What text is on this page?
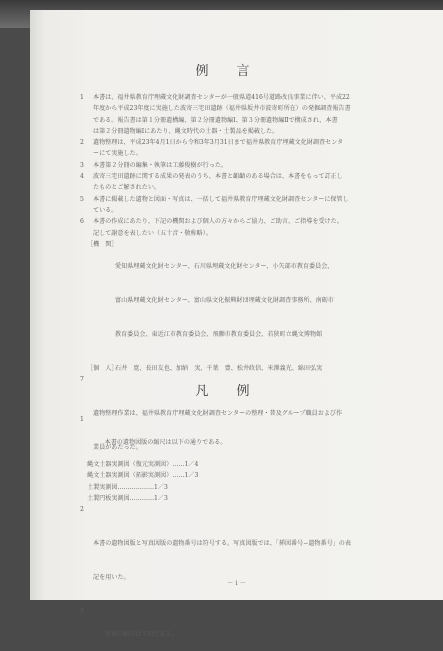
例言
1 本書は、福井県教育庁埋蔵文化財調査センターが一般県道416号道路改良事業に伴い、平成22
年度から平成23年度に実施した波寄三宅田遺跡（福井県坂井市波寄町所在）の発掘調査報告書
である。報告書は第１分冊遺構編、第２分冊遺物編Ⅰ、第３分冊遺物編Ⅱで構成され、本書
は第２分冊遺物編Ⅰにあたり、縄文時代の土器・土製品を掲載した。
2 遺物整理は、平成23年4月1日から令和3年3月31日まで福井県教育庁埋蔵文化財調査センタ
ーにて実施した。
3 本書第２分冊の編集・執筆は工藤俊樹が行った。
4 波寄三宅田遺跡に関する成果の発表のうち、本書と齟齬のある場合は、本書をもって訂正し
たものとご解されたい。
5 本書に掲載した遺物と図面・写真は、一括して福井県教育庁埋蔵文化財調査センターに保管し
ている。
6 本書の作成にあたり、下記の機関および個人の方々からご協力、ご助言、ご指導を受けた。
記して謝意を表したい（五十音・敬称略）。
［機　関］

愛知県埋蔵文化財センター、石川県埋蔵文化財センター、小矢部市教育委員会、

富山県埋蔵文化財センター、富山県文化振興財団埋蔵文化財調査事務所、南砺市

教育委員会、東近江市教育委員会、飛騨市教育委員会、若狭町立縄文博物館

［個　人］
石井　寛、長田友也、加納　実、千葉　豊、松井政信、米澤義光、綿田弘実

7

遺物整理作業は、福井県教育庁埋蔵文化財調査センターの整理・普及グループ職員および作

業員があたった。

凡例

1

本書の遺物図版の縮尺は以下の通りである。

縄文土器実測図（復元実測図） …… 1／4
縄文土器実測図（拓影実測図） …… 1／3
土製実測図 ……………… 1／3
土製円板実測図 ………… 1／3

2

本書の遺物図版と写真図版の遺物番号は符号する。写真図版では、「挿図番号−遺物番号」の表

記を用いた。

3

写真の縮尺は不同である。

－ i －
